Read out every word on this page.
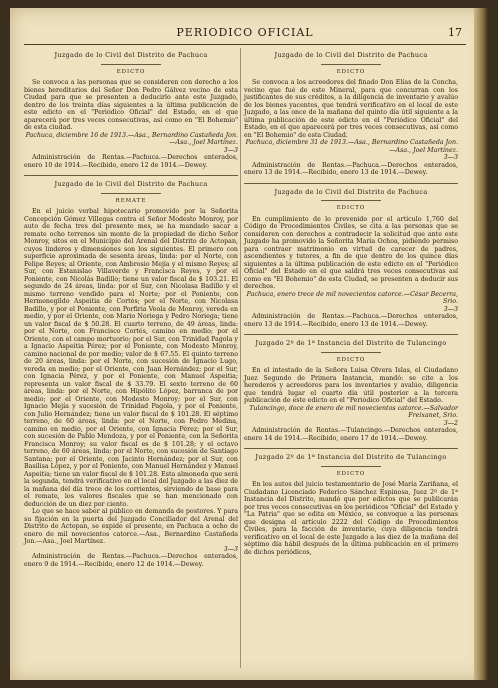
PERIODICO OFICIAL	17
Juzgado de lo Civil del Distrito de Pachuca
EDICTO
Se convoca a las personas que se consideren con derecho a los bienes hereditarios del Señor Don Pedro Gálvez vecino de esta Ciudad para que se presenten a deducirlo ante este Juzgado, dentro de los treinta días siguientes a la última publicación de este edicto en el "Periódico Oficial" del Estado, en el que aparecerá por tres veces consecutivas, así como en "El Bohemio" de esta ciudad.
Pachuca, diciembre 16 de 1913.—Asa., Bernardino Castañeda Jon.—Asa., Joel Martínez.
3—3
Administración de Rentas.—Pachuca.—Derechos enterados, enero 10 de 1914.—Recibido, enero 12 de 1914.—Dewey.
Juzgado de lo Civil del Distrito de Pachuca
REMATE
En el juicio verbal hipotecario promovido por la Señorita Concepción Gómez Villegas contra el Señor Modesto Monroy, por auto de fecha tres del presente mes, se ha mandado sacar a remate ocho terrenos sin monte de la propiedad de dicho Señor Monroy, sitos en el Municipio del Arenal del Distrito de Actopan, cuyos linderos y dimensiones son los siguientes. El primero con superficie aproximada de sesenta áreas, linda: por el Norte, con Felipe Reyes; al Oriente, con Ambrosio Mejía y el mismo Reyes; al Sur, con Estanislao Villaverde y Francisca Reyes, y por el Poniente, con Nicolás Badillo; tiene un valor fiscal de $ 103.21. El segundo de 24 áreas, linda: por el Sur, con Nicolasa Badillo y el mismo terreno vendido para el Norte; por el Poniente, con Hermenegildo Aspeitia de Cortés; por el Norte, con Nicolasa Badillo, y por el Poniente, con Porfiria Veola de Monroy, vereda en medio, y por el Oriente, con Mario Noriega y Pedro Noriega; tiene un valor fiscal de $ 50.28. El cuarto terreno, de 49 áreas, linda: por el Norte, con Francisco Cortés, camino en medio; por el Oriente, con el campo mortuorio; por el Sur, con Trinidad Pagola y a Ignacio Aspeitia Pérez; por el Poniente, con Modesto Monroy, camino nacional de por medio; valor de $ 67.55. El quinto terreno de 20 áreas, linda: por el Norte, con sucesión de Ignacio Lugo, vereda en medio; por el Oriente, con Juan Hernández; por el Sur, con Ignacia Pérez, y por el Poniente, con Manuel Aspeitia; representa un valor fiscal de $ 33.79. El sexto terreno de 60 áreas, linda: por el Norte, con Hipólito López, barranca de por medio; por el Oriente, con Modesto Monroy; por el Sur, con Ignacio Mejía y sucesión de Trinidad Pagola, y por el Poniente, con Julio Hernández; tiene un valor fiscal de $ 101.28. El séptimo terreno, de 60 áreas, linda: por el Norte, con Pedro Medina, camino en medio, por el Oriente, con Ignacia Pérez; por el Sur, con sucesión de Pablo Mendoza, y por el Poniente, con la Señorita Francisca Monroy; su valor fiscal es de $ 101.28; y el octavo terreno, de 60 áreas, linda: por el Norte, con sucesión de Santiago Santana; por el Oriente, con Jacinto Hernández; por el Sur, con Basilisa López, y por el Poniente, con Manuel Hernández y Manuel Aspeitia; tiene un valor fiscal de $ 101.28. Esta almoneda que será la segunda, tendrá verificativo en el local del Juzgado a las diez de la mañana del día trece de los corrientes, sirviendo de base para el remate, los valores fiscales que se han mencionado con deducción de un diez por ciento.
Lo que se hace saber al público en demanda de postores. Y para su fijación en la puerta del Juzgado Conciliador del Arenal del Distrito de Actopan, se expide el presente, en Pachuca a ocho de enero de mil novecientos catorce.—Asa., Bernardino Castañeda Jon.—Asa., Joel Martínez.
3—3
Administración de Rentas.—Pachuca.—Derechos enterados, enero 9 de 1914.—Recibido, enero 12 de 1914.—Dewey.
Juzgado de lo Civil del Distrito de Pachuca
EDICTO
Se convoca a los acreedores del finado Don Elías de la Concha, vecino que fué de este Mineral, para que concurran con los justificantes de sus créditos, a la diligencia de inventario y avalúo de los bienes yacentes, que tendrá verificativo en el local de este Juzgado, a las once de la mañana del quinto día útil siguiente a la última publicación de este edicto en el "Periódico Oficial" del Estado, en el que aparecerá por tres veces consecutivas, así como en "El Bohemio" de esta Ciudad.
Pachuca, diciembre 31 de 1913.—Asa., Bernardino Castañeda Jon.—Asa., Joel Martínez.
3—3
Administración de Rentas.—Pachuca.—Derechos enterados, enero 13 de 1914.—Recibido, enero 13 de 1914.—Dewey.
Juzgado de lo Civil del Distrito de Pachuca
EDICTO
En cumplimiento de lo prevenido por el artículo 1,760 del Código de Procedimientos Civiles, se cita a las personas que se consideren con derechos a contradecir la solicitud que ante este Juzgado ha promovido la Señorita María Ochoa, pidiendo permiso para contraer matrimonio en virtud de carecer de padres, ascendientes y tutores, a fin de que dentro de los quince días siguientes a la última publicación de este edicto en el "Periódico Oficial" del Estado en el que saldrá tres veces consecutivas así como en "El Bohemio" de esta Ciudad, se presenten a deducir sus derechos.
Pachuca, enero trece de mil novecientos catorce.—César Becerra, Srio.
3—3
Administración de Rentas.—Pachuca.—Derechos enterados, enero 13 de 1914.—Recibido, enero 13 de 1914.—Dewey.
Juzgado 2º de 1ª Instancia del Distrito de Tulancingo
EDICTO
En el intestado de la Señora Luisa Olvera Islas, el Ciudadano Juez Segundo de Primera Instancia, mandó: se cite a los herederos y acreedores para los inventarios y avalúo, diligencia que tendrá lugar el cuarto día útil posterior a la tercera publicación de este edicto en el "Periódico Oficial" del Estado.
Tulancingo, doce de enero de mil novecientos catorce.—Salvador Freixanet, Srio.
3—2
Administración de Rentas.—Tulancingo.—Derechos enterados, enero 14 de 1914.—Recibido, enero 17 de 1914.—Dewey.
Juzgado 2º de 1ª Instancia del Distrito de Tulancingo
EDICTO
En los autos del juicio testamentario de José María Zariñana, el Ciudadano Licenciado Federico Sánchez Espinosa, Juez 2º de 1ª Instancia del Distrito, mandó que por edictos que se publicarán por tres veces consecutivas en los periódicos "Oficial" del Estado y "La Patria" que se edita en México, se convoque a las personas que designa el artículo 2222 del Código de Procedimientos Civiles, para la facción de inventario, cuya diligencia tendrá verificativo en el local de este Juzgado a las diez de la mañana del séptimo día hábil después de la última publicación en el primero de dichos periódicos,
